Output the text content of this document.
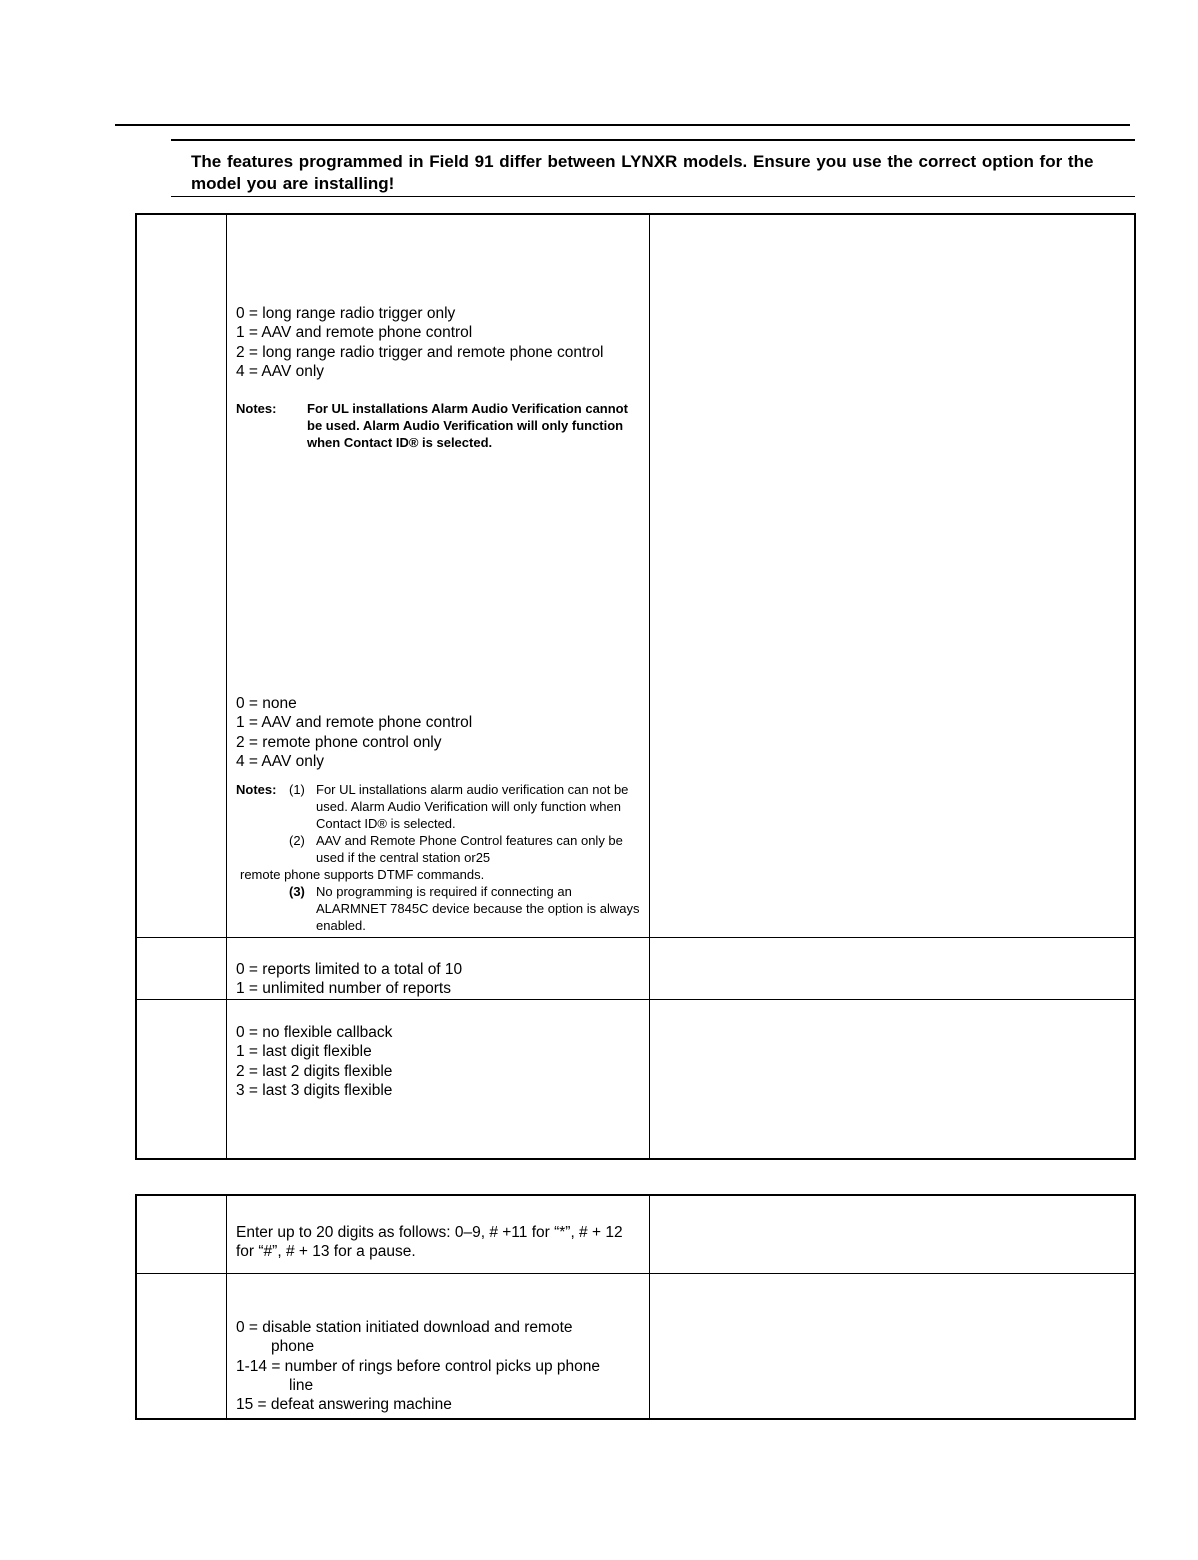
The features programmed in Field 91 differ between LYNXR models. Ensure you use the correct option for the model you are installing!
0 = long range radio trigger only
1 = AAV and remote phone control
2 = long range radio trigger and remote phone control
4 = AAV only
Notes: For UL installations Alarm Audio Verification cannot be used. Alarm Audio Verification will only function when Contact ID® is selected.
0 = none
1 = AAV and remote phone control
2 = remote phone control only
4 = AAV only
Notes: (1) For UL installations alarm audio verification can not be used. Alarm Audio Verification will only function when Contact ID® is selected.
(2) AAV and Remote Phone Control features can only be used if the central station or25
remote phone supports DTMF commands.
(3) No programming is required if connecting an ALARMNET 7845C device because the option is always enabled.
0 = reports limited to a total of 10
1 = unlimited number of reports
0 = no flexible callback
1 = last digit flexible
2 = last 2 digits flexible
3 = last 3 digits flexible
Enter up to 20 digits as follows: 0–9, # +11 for “*”, # + 12 for “#”, # + 13 for a pause.
0 = disable station initiated download and remote
phone
1-14 = number of rings before control picks up phone
line
15 = defeat answering machine
